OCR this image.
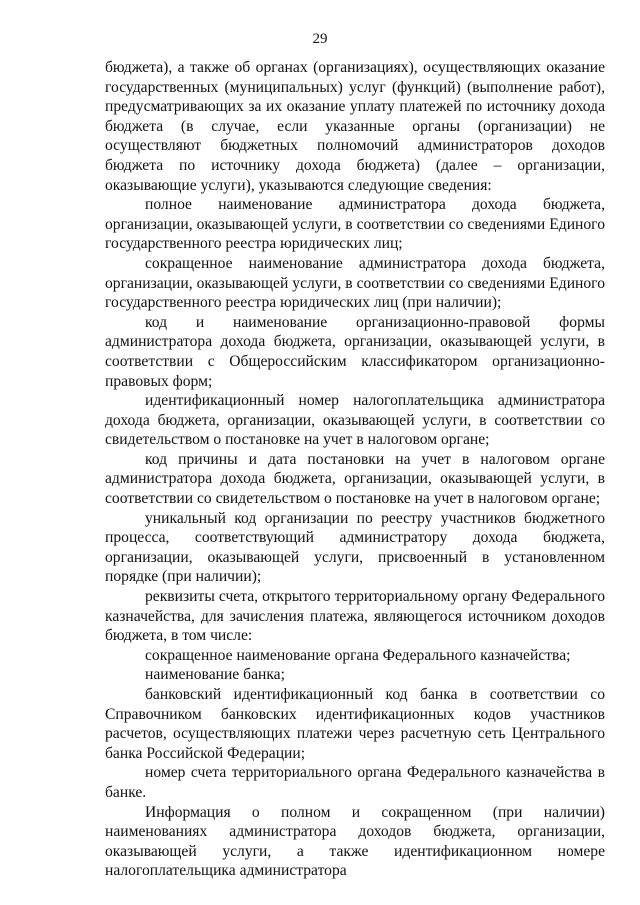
29

бюджета), а также об органах (организациях), осуществляющих оказание государственных (муниципальных) услуг (функций) (выполнение работ), предусматривающих за их оказание уплату платежей по источнику дохода бюджета (в случае, если указанные органы (организации) не осуществляют бюджетных полномочий администраторов доходов бюджета по источнику дохода бюджета) (далее – организации, оказывающие услуги), указываются следующие сведения:

полное наименование администратора дохода бюджета, организации, оказывающей услуги, в соответствии со сведениями Единого государственного реестра юридических лиц;

сокращенное наименование администратора дохода бюджета, организации, оказывающей услуги, в соответствии со сведениями Единого государственного реестра юридических лиц (при наличии);

код и наименование организационно-правовой формы администратора дохода бюджета, организации, оказывающей услуги, в соответствии с Общероссийским классификатором организационно-правовых форм;

идентификационный номер налогоплательщика администратора дохода бюджета, организации, оказывающей услуги, в соответствии со свидетельством о постановке на учет в налоговом органе;

код причины и дата постановки на учет в налоговом органе администратора дохода бюджета, организации, оказывающей услуги, в соответствии со свидетельством о постановке на учет в налоговом органе;

уникальный код организации по реестру участников бюджетного процесса, соответствующий администратору дохода бюджета, организации, оказывающей услуги, присвоенный в установленном порядке (при наличии);

реквизиты счета, открытого территориальному органу Федерального казначейства, для зачисления платежа, являющегося источником доходов бюджета, в том числе:

сокращенное наименование органа Федерального казначейства;

наименование банка;

банковский идентификационный код банка в соответствии со Справочником банковских идентификационных кодов участников расчетов, осуществляющих платежи через расчетную сеть Центрального банка Российской Федерации;

номер счета территориального органа Федерального казначейства в банке.

Информация о полном и сокращенном (при наличии) наименованиях администратора доходов бюджета, организации, оказывающей услуги, а также идентификационном номере налогоплательщика администратора
